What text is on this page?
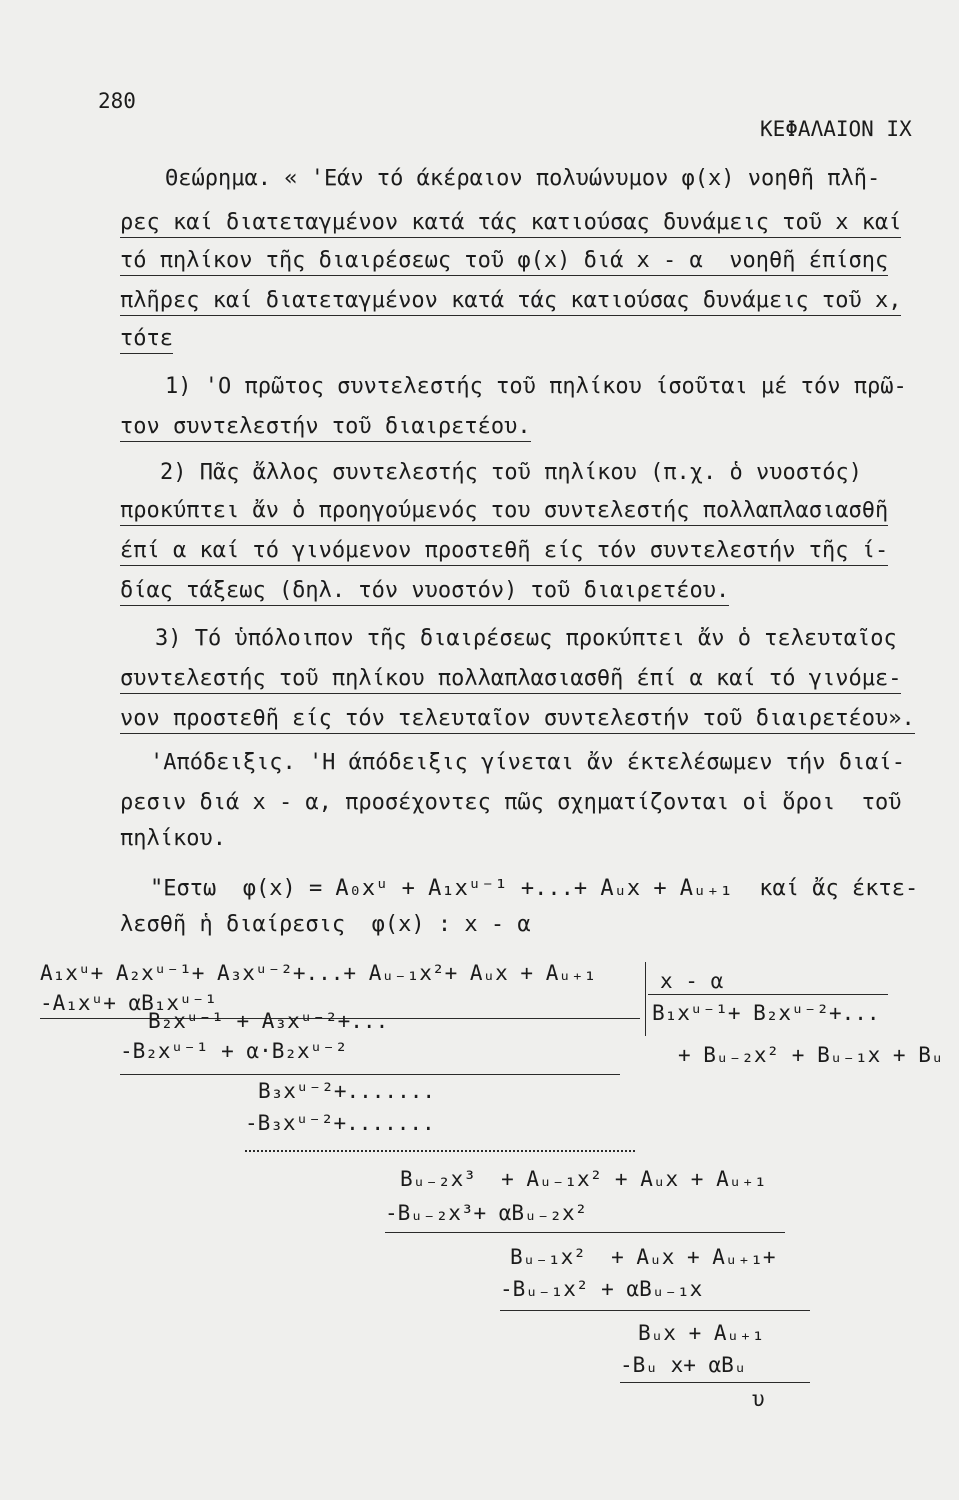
280
ΚΕΦΑΛΑΙΟΝ IX
Θεώρημα. « 'Εάν τό άκέραιον πολυώνυμον φ(x) νοηθῆ πλῆ-
ρες καί διατεταγμένον κατά τάς κατιούσας δυνάμεις τοῦ x καί
τό πηλίκον τῆς διαιρέσεως τοῦ φ(x) διά x - α  νοηθῆ έπίσης
πλῆρες καί διατεταγμένον κατά τάς κατιούσας δυνάμεις τοῦ x,
τότε
1) 'Ο πρῶτος συντελεστής τοῦ πηλίκου ίσοῦται μέ τόν πρῶ-
τον συντελεστήν τοῦ διαιρετέου.
2) Πᾶς ἄλλος συντελεστής τοῦ πηλίκου (π.χ. ὁ νυοστός)
προκύπτει ἄν ὁ προηγούμενός του συντελεστής πολλαπλασιασθῆ
έπί α καί τό γινόμενον προστεθῆ είς τόν συντελεστήν τῆς ί-
δίας τάξεως (δηλ. τόν νυοστόν) τοῦ διαιρετέου.
3) Τό ὑπόλοιπον τῆς διαιρέσεως προκύπτει ἄν ὁ τελευταῖος
συντελεστής τοῦ πηλίκου πολλαπλασιασθῆ έπί α καί τό γινόμε-
νον προστεθῆ είς τόν τελευταῖον συντελεστήν τοῦ διαιρετέου».
'Απόδειξις. 'Η άπόδειξις γίνεται ἄν έκτελέσωμεν τήν διαί-
ρεσιν διά x - α, προσέχοντες πῶς σχηματίζονται οἱ ὅροι  τοῦ
πηλίκου.
"Εστω  φ(x) = A₀xᵘ + A₁xᵘ⁻¹ +...+ Aᵤx + Aᵤ₊₁  καί ἄς έκτε-
λεσθῆ ἡ διαίρεσις  φ(x) : x - α
A₁xᵘ+ A₂xᵘ⁻¹+ A₃xᵘ⁻²+...+ Aᵤ₋₁x²+ Aᵤx + Aᵤ₊₁	x - α
-A₁xᵘ+ αB₁xᵘ⁻¹	B₁xᵘ⁻¹+ B₂xᵘ⁻²+...
+ Bᵤ₋₂x² + Bᵤ₋₁x + Bᵤ
B₂xᵘ⁻¹ + A₃xᵘ⁻²+...
-B₂xᵘ⁻¹ + α·B₂xᵘ⁻²
B₃xᵘ⁻²+.......
-B₃xᵘ⁻²+.......
Bᵤ₋₂x³  + Aᵤ₋₁x² + Aᵤx + Aᵤ₊₁
-Bᵤ₋₂x³+ αBᵤ₋₂x²
Bᵤ₋₁x²  + Aᵤx + Aᵤ₊₁+
-Bᵤ₋₁x² + αBᵤ₋₁x
Bᵤx + Aᵤ₊₁
-Bᵤ x+ αBᵤ
υ
